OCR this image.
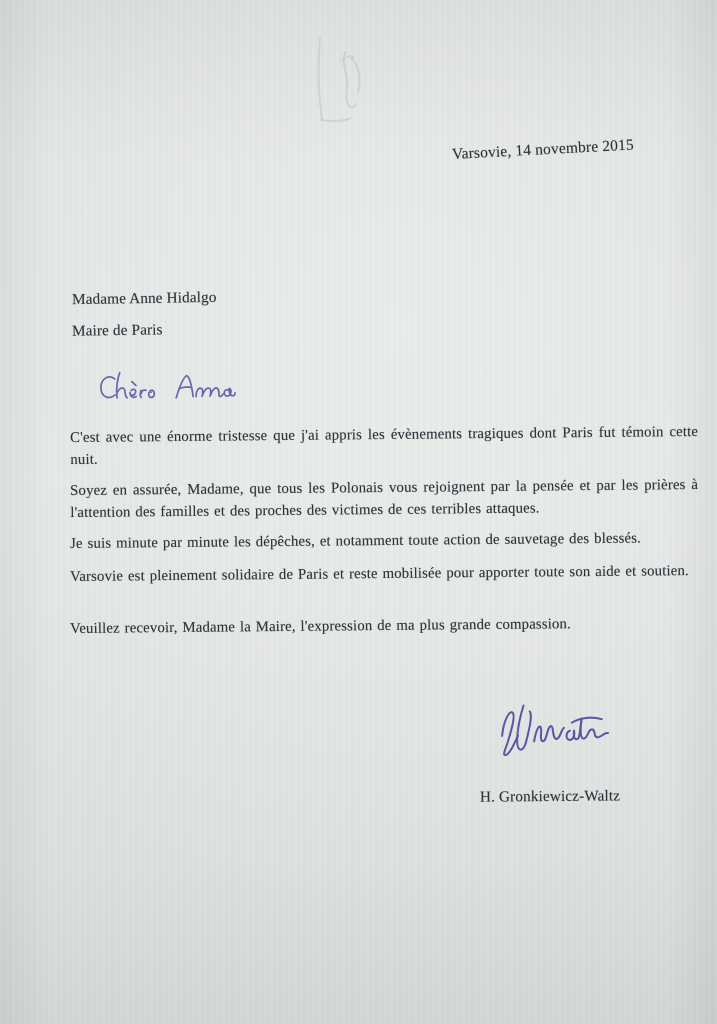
Varsovie, 14 novembre 2015
Madame Anne Hidalgo
Maire de Paris

C'est avec une énorme tristesse que j'ai appris les évènements tragiques dont Paris fut témoin cette nuit.

Soyez en assurée, Madame, que tous les Polonais vous rejoignent par la pensée et par les prières à l'attention des familles et des proches des victimes de ces terribles attaques.

Je suis minute par minute les dépêches, et notamment toute action de sauvetage des blessés.

Varsovie est pleinement solidaire de Paris et reste mobilisée pour apporter toute son aide et soutien.

Veuillez recevoir, Madame la Maire, l'expression de ma plus grande compassion.

H. Gronkiewicz-Waltz
